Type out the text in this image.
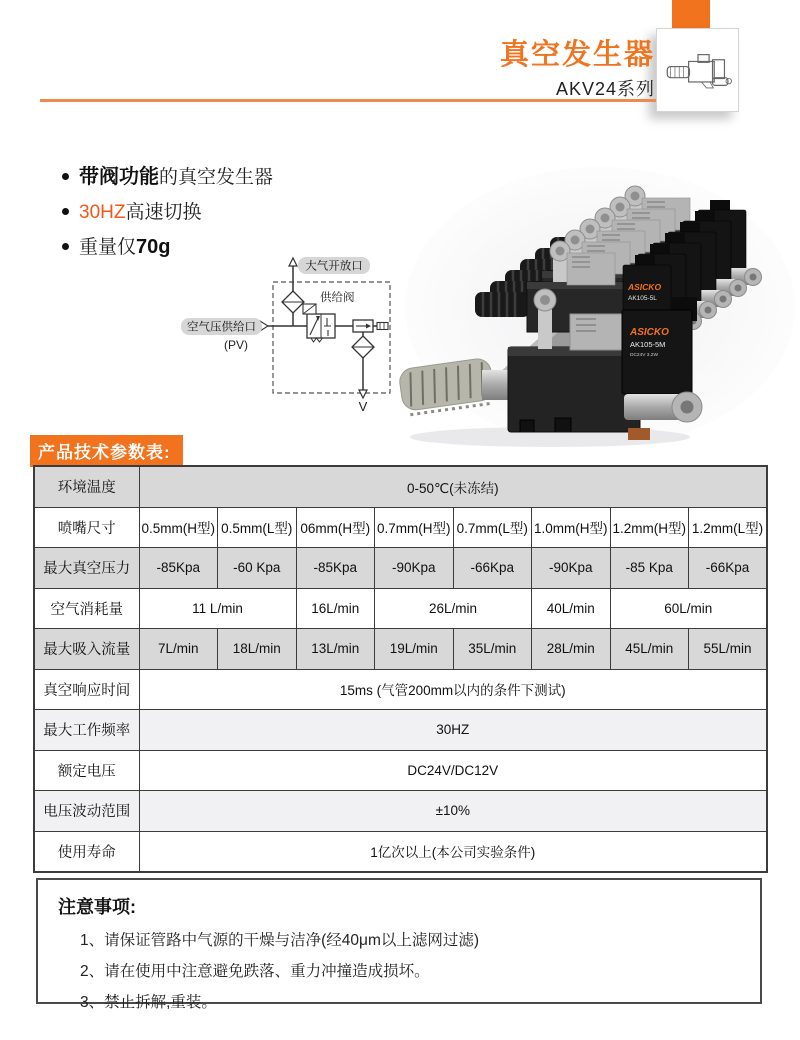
真空发生器
AKV24系列
带阀功能的真空发生器
30HZ高速切换
重量仅70g
大气开放口
空气压供给口
(PV)
供给阀
V
ASICKO
AK105-5L
ASICKO
AK105-5M
DC24V 3.2W
产品技术参数表:
环境温度	0-50℃(未冻结)							
喷嘴尺寸	0.5mm(H型)	0.5mm(L型)	06mm(H型)	0.7mm(H型)	0.7mm(L型)	1.0mm(H型)	1.2mm(H型)	1.2mm(L型)
最大真空压力	-85Kpa	-60 Kpa	-85Kpa	-90Kpa	-66Kpa	-90Kpa	-85 Kpa	-66Kpa
空气消耗量	11 L/min		16L/min	26L/min		40L/min	60L/min	
最大吸入流量	7L/min	18L/min	13L/min	19L/min	35L/min	28L/min	45L/min	55L/min
真空响应时间	15ms (气管200mm以内的条件下测试)							
最大工作频率	30HZ							
额定电压	DC24V/DC12V							
电压波动范围	±10%							
使用寿命	1亿次以上(本公司实验条件)							
注意事项:
1、请保证管路中气源的干燥与洁净(经40μm以上滤网过滤)
2、请在使用中注意避免跌落、重力冲撞造成损坏。
3、禁止拆解,重装。
